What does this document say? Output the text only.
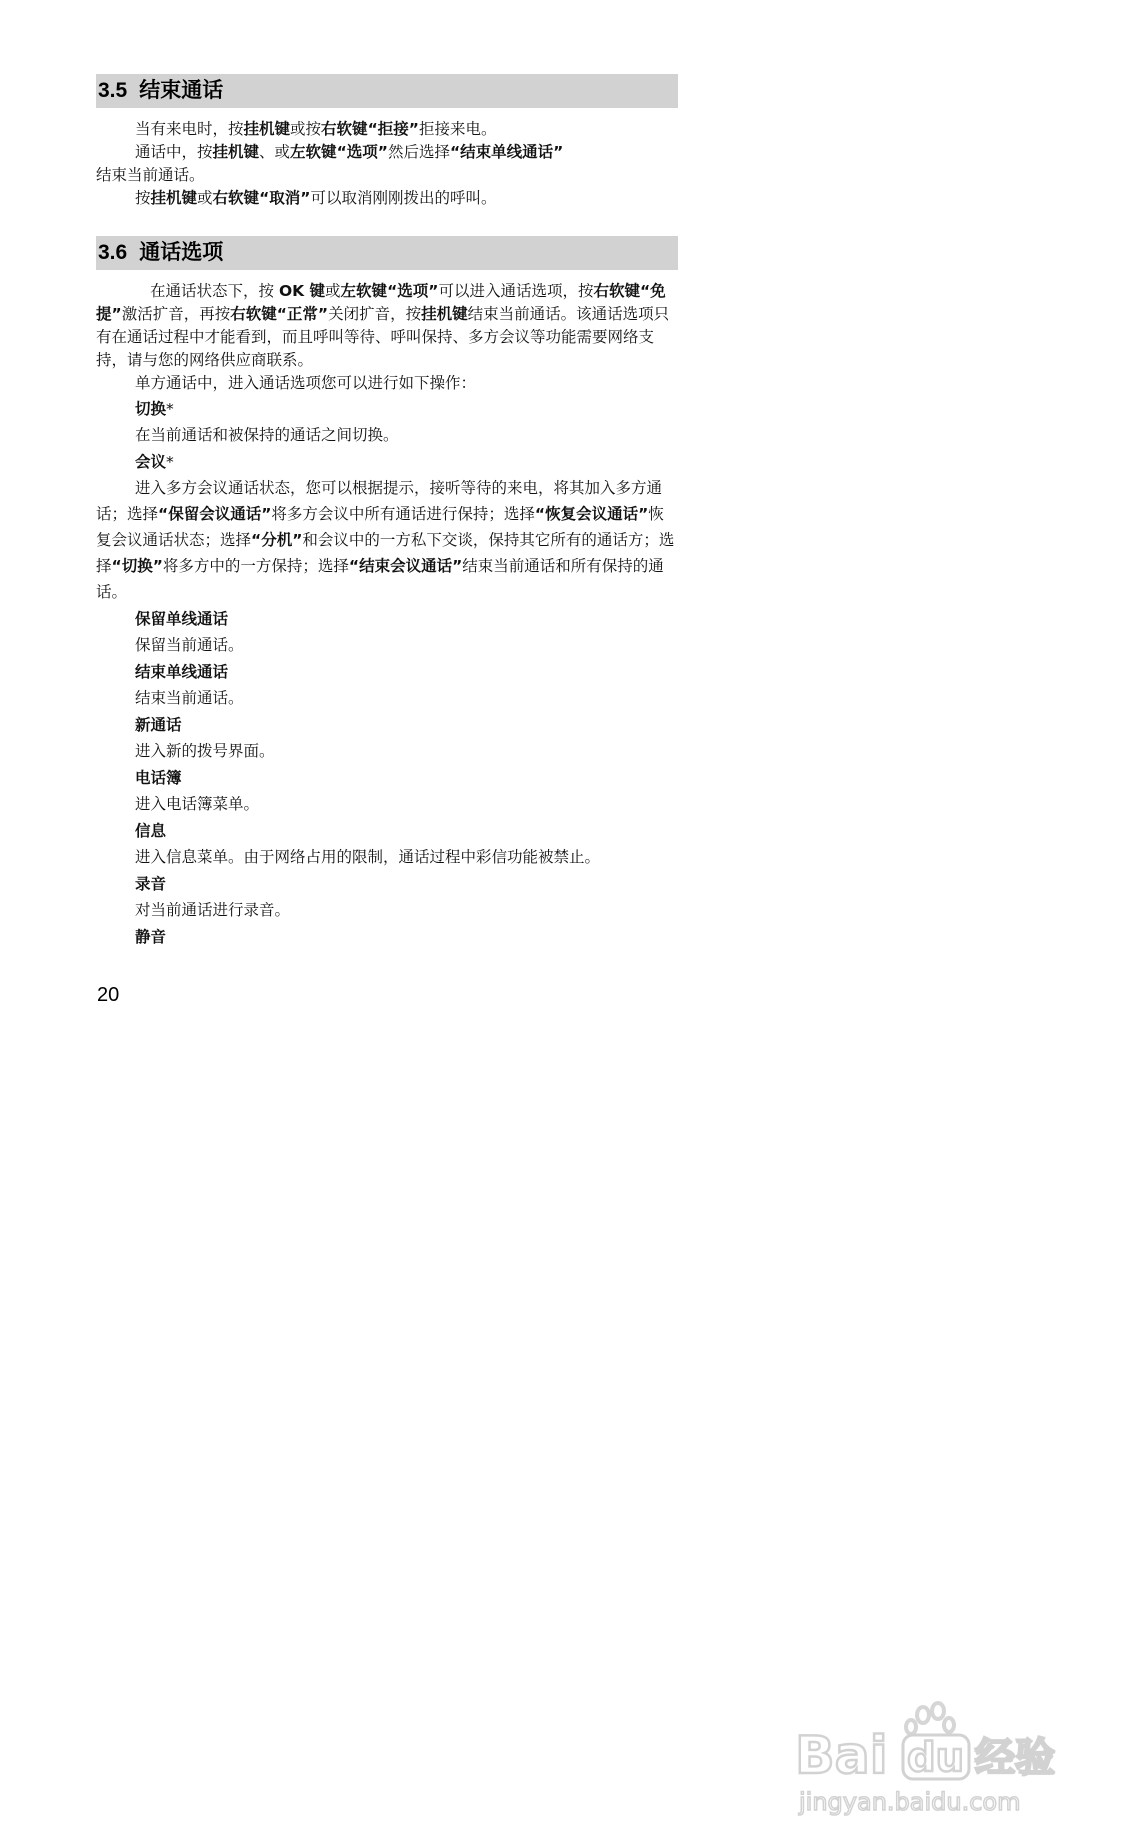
3.5 结束通话

当有来电时，按挂机键或按右软键“拒接”拒接来电。

通话中，按挂机键、或左软键“选项”然后选择“结束单线通话”

结束当前通话。

按挂机键或右软键“取消”可以取消刚刚拨出的呼叫。

3.6 通话选项

在通话状态下，按 OK 键或左软键“选项”可以进入通话选项，按右软键“免提”激活扩音，再按右软键“正常”关闭扩音，按挂机键结束当前通话。该通话选项只有在通话过程中才能看到，而且呼叫等待、呼叫保持、多方会议等功能需要网络支持，请与您的网络供应商联系。

单方通话中，进入通话选项您可以进行如下操作：

切换*
在当前通话和被保持的通话之间切换。
会议*

进入多方会议通话状态，您可以根据提示，接听等待的来电，将其加入多方通话；选择“保留会议通话”将多方会议中所有通话进行保持；选择“恢复会议通话”恢复会议通话状态；选择“分机”和会议中的一方私下交谈，保持其它所有的通话方；选择“切换”将多方中的一方保持；选择“结束会议通话”结束当前通话和所有保持的通话。

保留单线通话
保留当前通话。
结束单线通话
结束当前通话。
新通话
进入新的拨号界面。
电话簿
进入电话簿菜单。
信息
进入信息菜单。由于网络占用的限制，通话过程中彩信功能被禁止。
录音
对当前通话进行录音。
静音
20
Bai du 经验
jingyan.baidu.com
